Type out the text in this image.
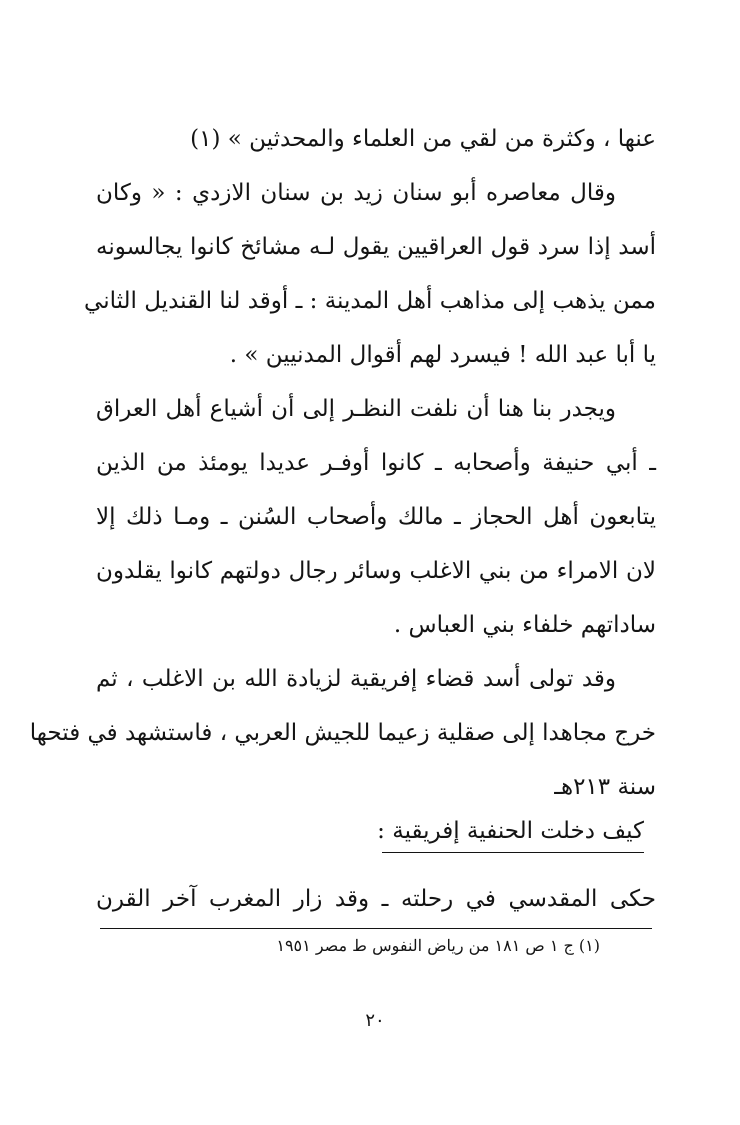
عنها ، وكثرة من لقي من العلماء والمحدثين » (١)
وقال معاصره أبو سنان زيد بن سنان الازدي : « وكان
أسد إذا سرد قول العراقيين يقول لـه مشائخ كانوا يجالسونه
ممن يذهب إلى مذاهب أهل المدينة : ـ أوقد لنا القنديل الثاني
يا أبا عبد الله ! فيسرد لهم أقوال المدنيين » .
ويجدر بنا هنا أن نلفت النظـر إلى أن أشياع أهل العراق
ـ أبي حنيفة وأصحابه ـ كانوا أوفـر عديدا يومئذ من الذين
يتابعون أهل الحجاز ـ مالك وأصحاب السُنن ـ ومـا ذلك إلا
لان الامراء من بني الاغلب وسائر رجال دولتهم كانوا يقلدون
ساداتهم خلفاء بني العباس .
وقد تولى أسد قضاء إفريقية لزيادة الله بن الاغلب ، ثم
خرج مجاهدا إلى صقلية زعيما للجيش العربي ، فاستشهد في فتحها
سنة ٢١٣هـ
كيف دخلت الحنفية إفريقية :
حكى المقدسي في رحلته ـ وقد زار المغرب آخر القرن
(١) ج ١ ص ١٨١ من رياض النفوس ط مصر ١٩٥١
٢٠
